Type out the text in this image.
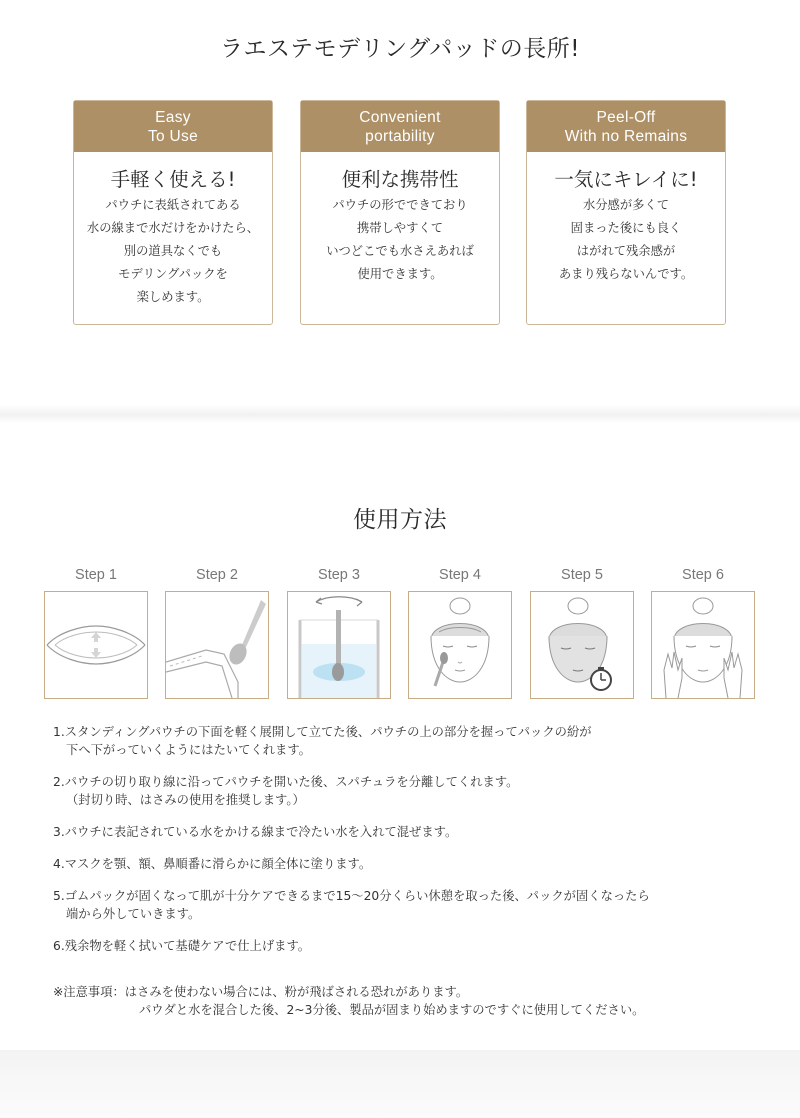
ラエステモデリングパッドの長所!
Easy
To Use
手軽く使える!
パウチに表紙されてある
水の線まで水だけをかけたら、
別の道具なくでも
モデリングパックを
楽しめます。
Convenient
portability
便利な携帯性
パウチの形でできており
携帯しやすくて
いつどこでも水さえあれば
使用できます。
Peel-Off
With no Remains
一気にキレイに!
水分感が多くて
固まった後にも良く
はがれて残余感が
あまり残らないんです。
使用方法
Step 1	Step 2	Step 3	Step 4	Step 5	Step 6
1.スタンディングパウチの下面を軽く展開して立てた後、パウチの上の部分を握ってパックの紛が
下へ下がっていくようにはたいてくれます。
2.パウチの切り取り線に沿ってパウチを開いた後、スパチュラを分離してくれます。
（封切り時、はさみの使用を推奨します。）
3.パウチに表記されている水をかける線まで冷たい水を入れて混ぜます。
4.マスクを顎、額、鼻順番に滑らかに顔全体に塗ります。
5.ゴムパックが固くなって肌が十分ケアできるまで15～20分くらい休憩を取った後、パックが固くなったら
端から外していきます。
6.残余物を軽く拭いて基礎ケアで仕上げます。
※注意事項：はさみを使わない場合には、粉が飛ばされる恐れがあります。
パウダと水を混合した後、2~3分後、製品が固まり始めますのですぐに使用してください。
